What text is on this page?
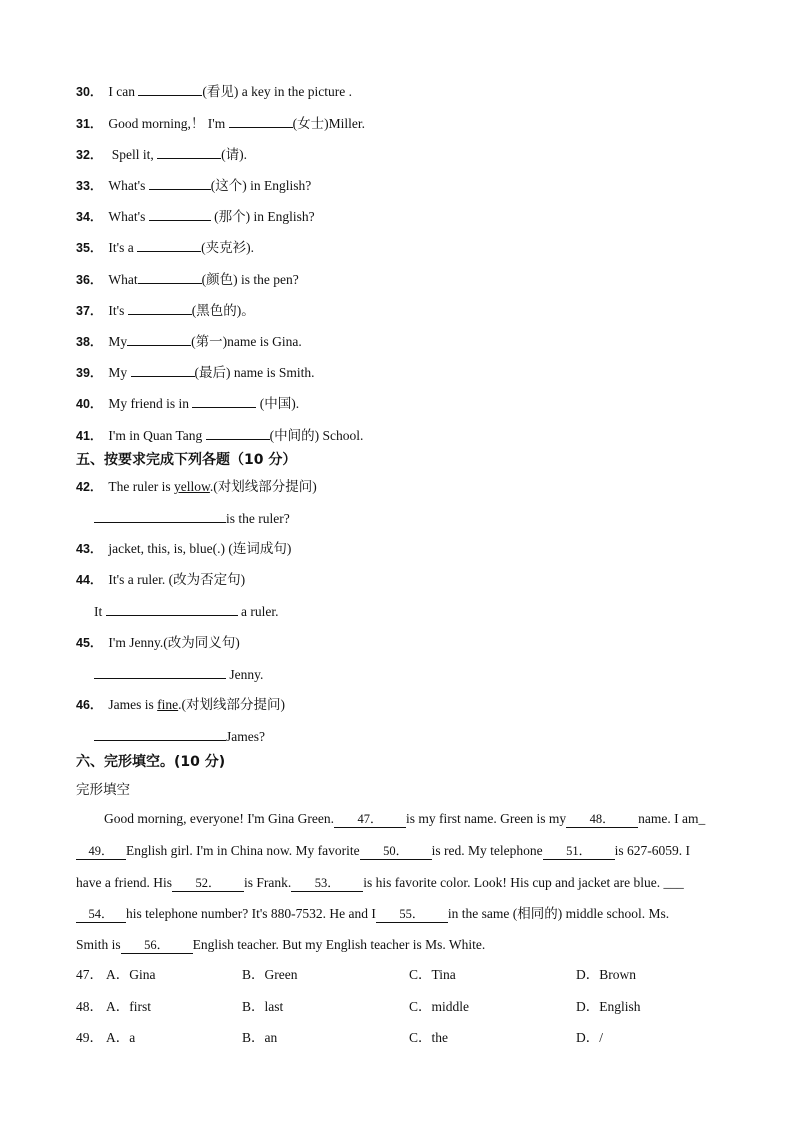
30． I can	(看见) a key in the picture .
31． Good morning,！ I'm	(女士)Miller.
32． Spell it,	(请).
33． What's	(这个) in English?
34． What's	(那个) in English?
35． It's a	(夹克衫).
36． What	(颜色) is the pen?
37． It's	(黑色的)。
38． My	(第一)name is Gina.
39． My	(最后) name is Smith.
40． My friend is in	(中国).
41． I'm in Quan Tang	(中间的) School.
五、按要求完成下列各题（10 分）
42． The ruler is yellow.(对划线部分提问)
is the ruler?
43． jacket, this, is, blue(.) (连词成句)
44． It's a ruler. (改为否定句)
It	a ruler.
45． I'm Jenny.(改为同义句)
Jenny.
46． James is fine.(对划线部分提问)
James?
六、完形填空。(10 分)
完形填空
Good morning, everyone! I'm Gina Green. 47． is my first name. Green is my 48． name. I am_
49． English girl. I'm in China now. My favorite 50． is red. My telephone 51． is 627-6059. I
have a friend. His 52． is Frank. 53． is his favorite color. Look! His cup and jacket are blue. ___
54． his telephone number? It's 880-7532. He and I 55． in the same (相同的) middle school. Ms.
Smith is 56． English teacher. But my English teacher is Ms. White.
47． A．Gina	B．Green	C．Tina	D．Brown
48． A．first	B．last	C．middle	D．English
49． A．a	B．an	C．the	D．/
